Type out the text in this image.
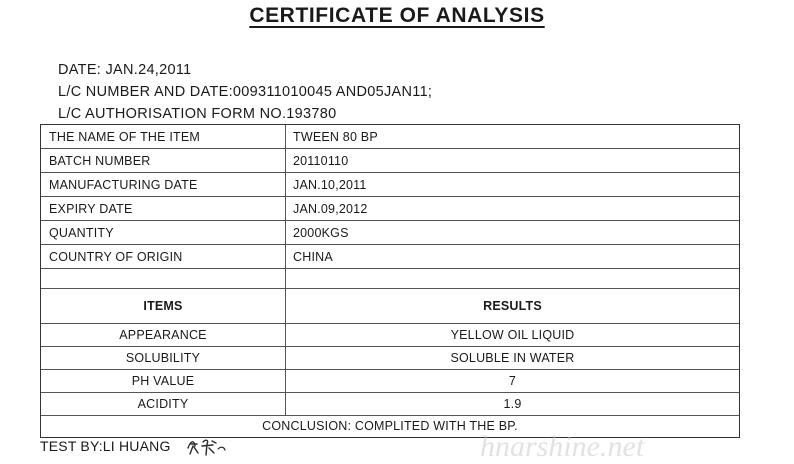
CERTIFICATE OF ANALYSIS
DATE: JAN.24,2011
L/C NUMBER AND DATE:009311010045 AND05JAN11;
L/C AUTHORISATION FORM NO.193780
THE NAME OF THE ITEM	TWEEN 80 BP
BATCH NUMBER	20110110
MANUFACTURING DATE	JAN.10,2011
EXPIRY DATE	JAN.09,2012
QUANTITY	2000KGS
COUNTRY OF ORIGIN	CHINA
ITEMS	RESULTS
APPEARANCE	YELLOW OIL LIQUID
SOLUBILITY	SOLUBLE IN WATER
PH VALUE	7
ACIDITY	1.9
CONCLUSION: COMPLITED WITH THE BP.
TEST BY:LI HUANG	hnarshine.net
